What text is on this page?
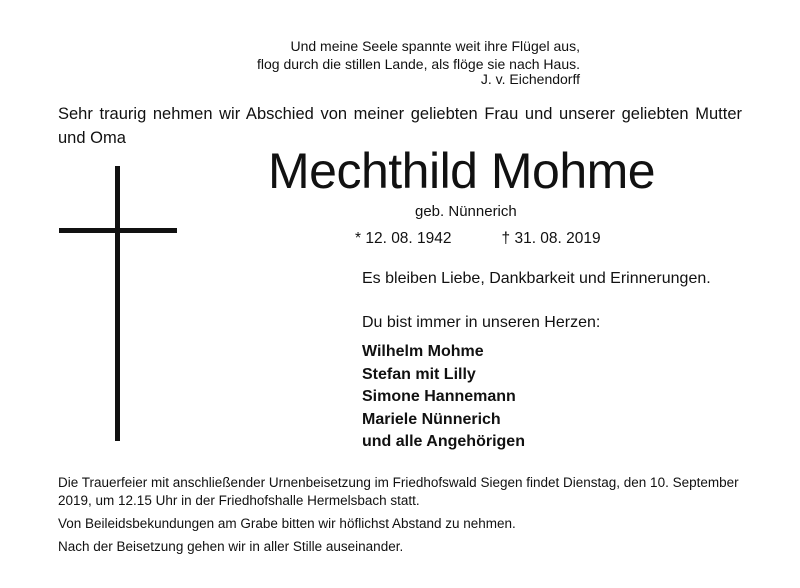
Und meine Seele spannte weit ihre Flügel aus,
flog durch die stillen Lande, als flöge sie nach Haus.
J. v. Eichendorff
Sehr traurig nehmen wir Abschied von meiner geliebten Frau und unserer geliebten Mutter und Oma
Mechthild Mohme
geb. Nünnerich
* 12. 08. 1942	† 31. 08. 2019
Es bleiben Liebe, Dankbarkeit und Erinnerungen.
Du bist immer in unseren Herzen:
Wilhelm Mohme
Stefan mit Lilly
Simone Hannemann
Mariele Nünnerich
und alle Angehörigen
Die Trauerfeier mit anschließender Urnenbeisetzung im Friedhofswald Siegen findet Dienstag, den 10. September 2019, um 12.15 Uhr in der Friedhofshalle Hermelsbach statt.
Von Beileidsbekundungen am Grabe bitten wir höflichst Abstand zu nehmen.
Nach der Beisetzung gehen wir in aller Stille auseinander.
